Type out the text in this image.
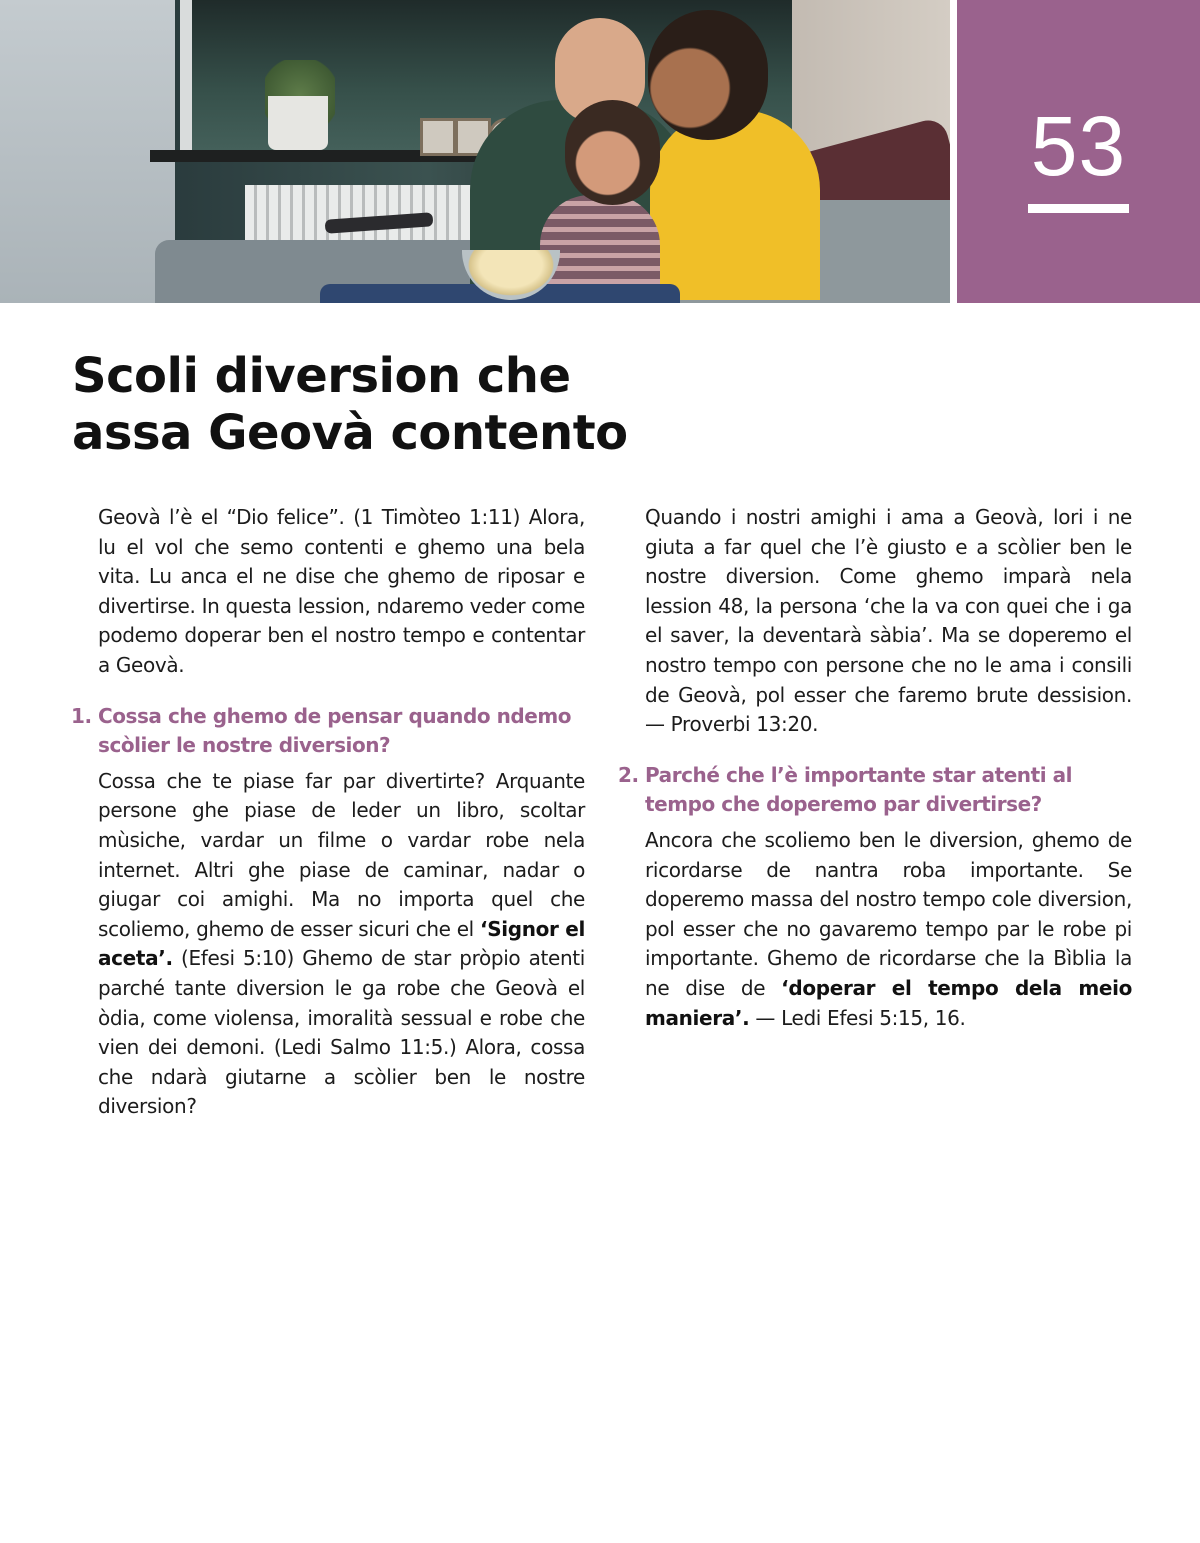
53
Scoli diversion che
assa Geovà contento

Geovà l’è el “Dio felice”. (1 Timòteo 1:11) Alora, lu el vol che semo contenti e ghemo una bela vita. Lu anca el ne dise che ghemo de riposar e divertirse. In questa lession, ndaremo veder come podemo doperar ben el nostro tempo e contentar a Geovà.

1. Cossa che ghemo de pensar quando ndemo scòlier le nostre diversion?

Cossa che te piase far par divertirte? Arquante persone ghe piase de leder un libro, scoltar mùsiche, vardar un filme o vardar robe nela internet. Altri ghe piase de caminar, nadar o giugar coi amighi. Ma no importa quel che scoliemo, ghemo de esser sicuri che el ‘Signor el aceta’. (Efesi 5:10) Ghemo de star pròpio atenti parché tante diversion le ga robe che Geovà el òdia, come violensa, imoralità sessual e robe che vien dei demoni. (Ledi Salmo 11:5.) Alora, cossa che ndarà giutarne a scòlier ben le nostre diversion?

Quando i nostri amighi i ama a Geovà, lori i ne giuta a far quel che l’è giusto e a scòlier ben le nostre diversion. Come ghemo imparà nela lession 48, la persona ‘che la va con quei che i ga el saver, la deventarà sàbia’. Ma se doperemo el nostro tempo con persone che no le ama i consili de Geovà, pol esser che faremo brute dessision. — Proverbi 13:20.

2. Parché che l’è importante star atenti al tempo che doperemo par divertirse?

Ancora che scoliemo ben le diversion, ghemo de ricordarse de nantra roba importante. Se doperemo massa del nostro tempo cole diversion, pol esser che no gavaremo tempo par le robe pi importante. Ghemo de ricordarse che la Bìblia la ne dise de ‘doperar el tempo dela meio maniera’. — Ledi Efesi 5:15, 16.
